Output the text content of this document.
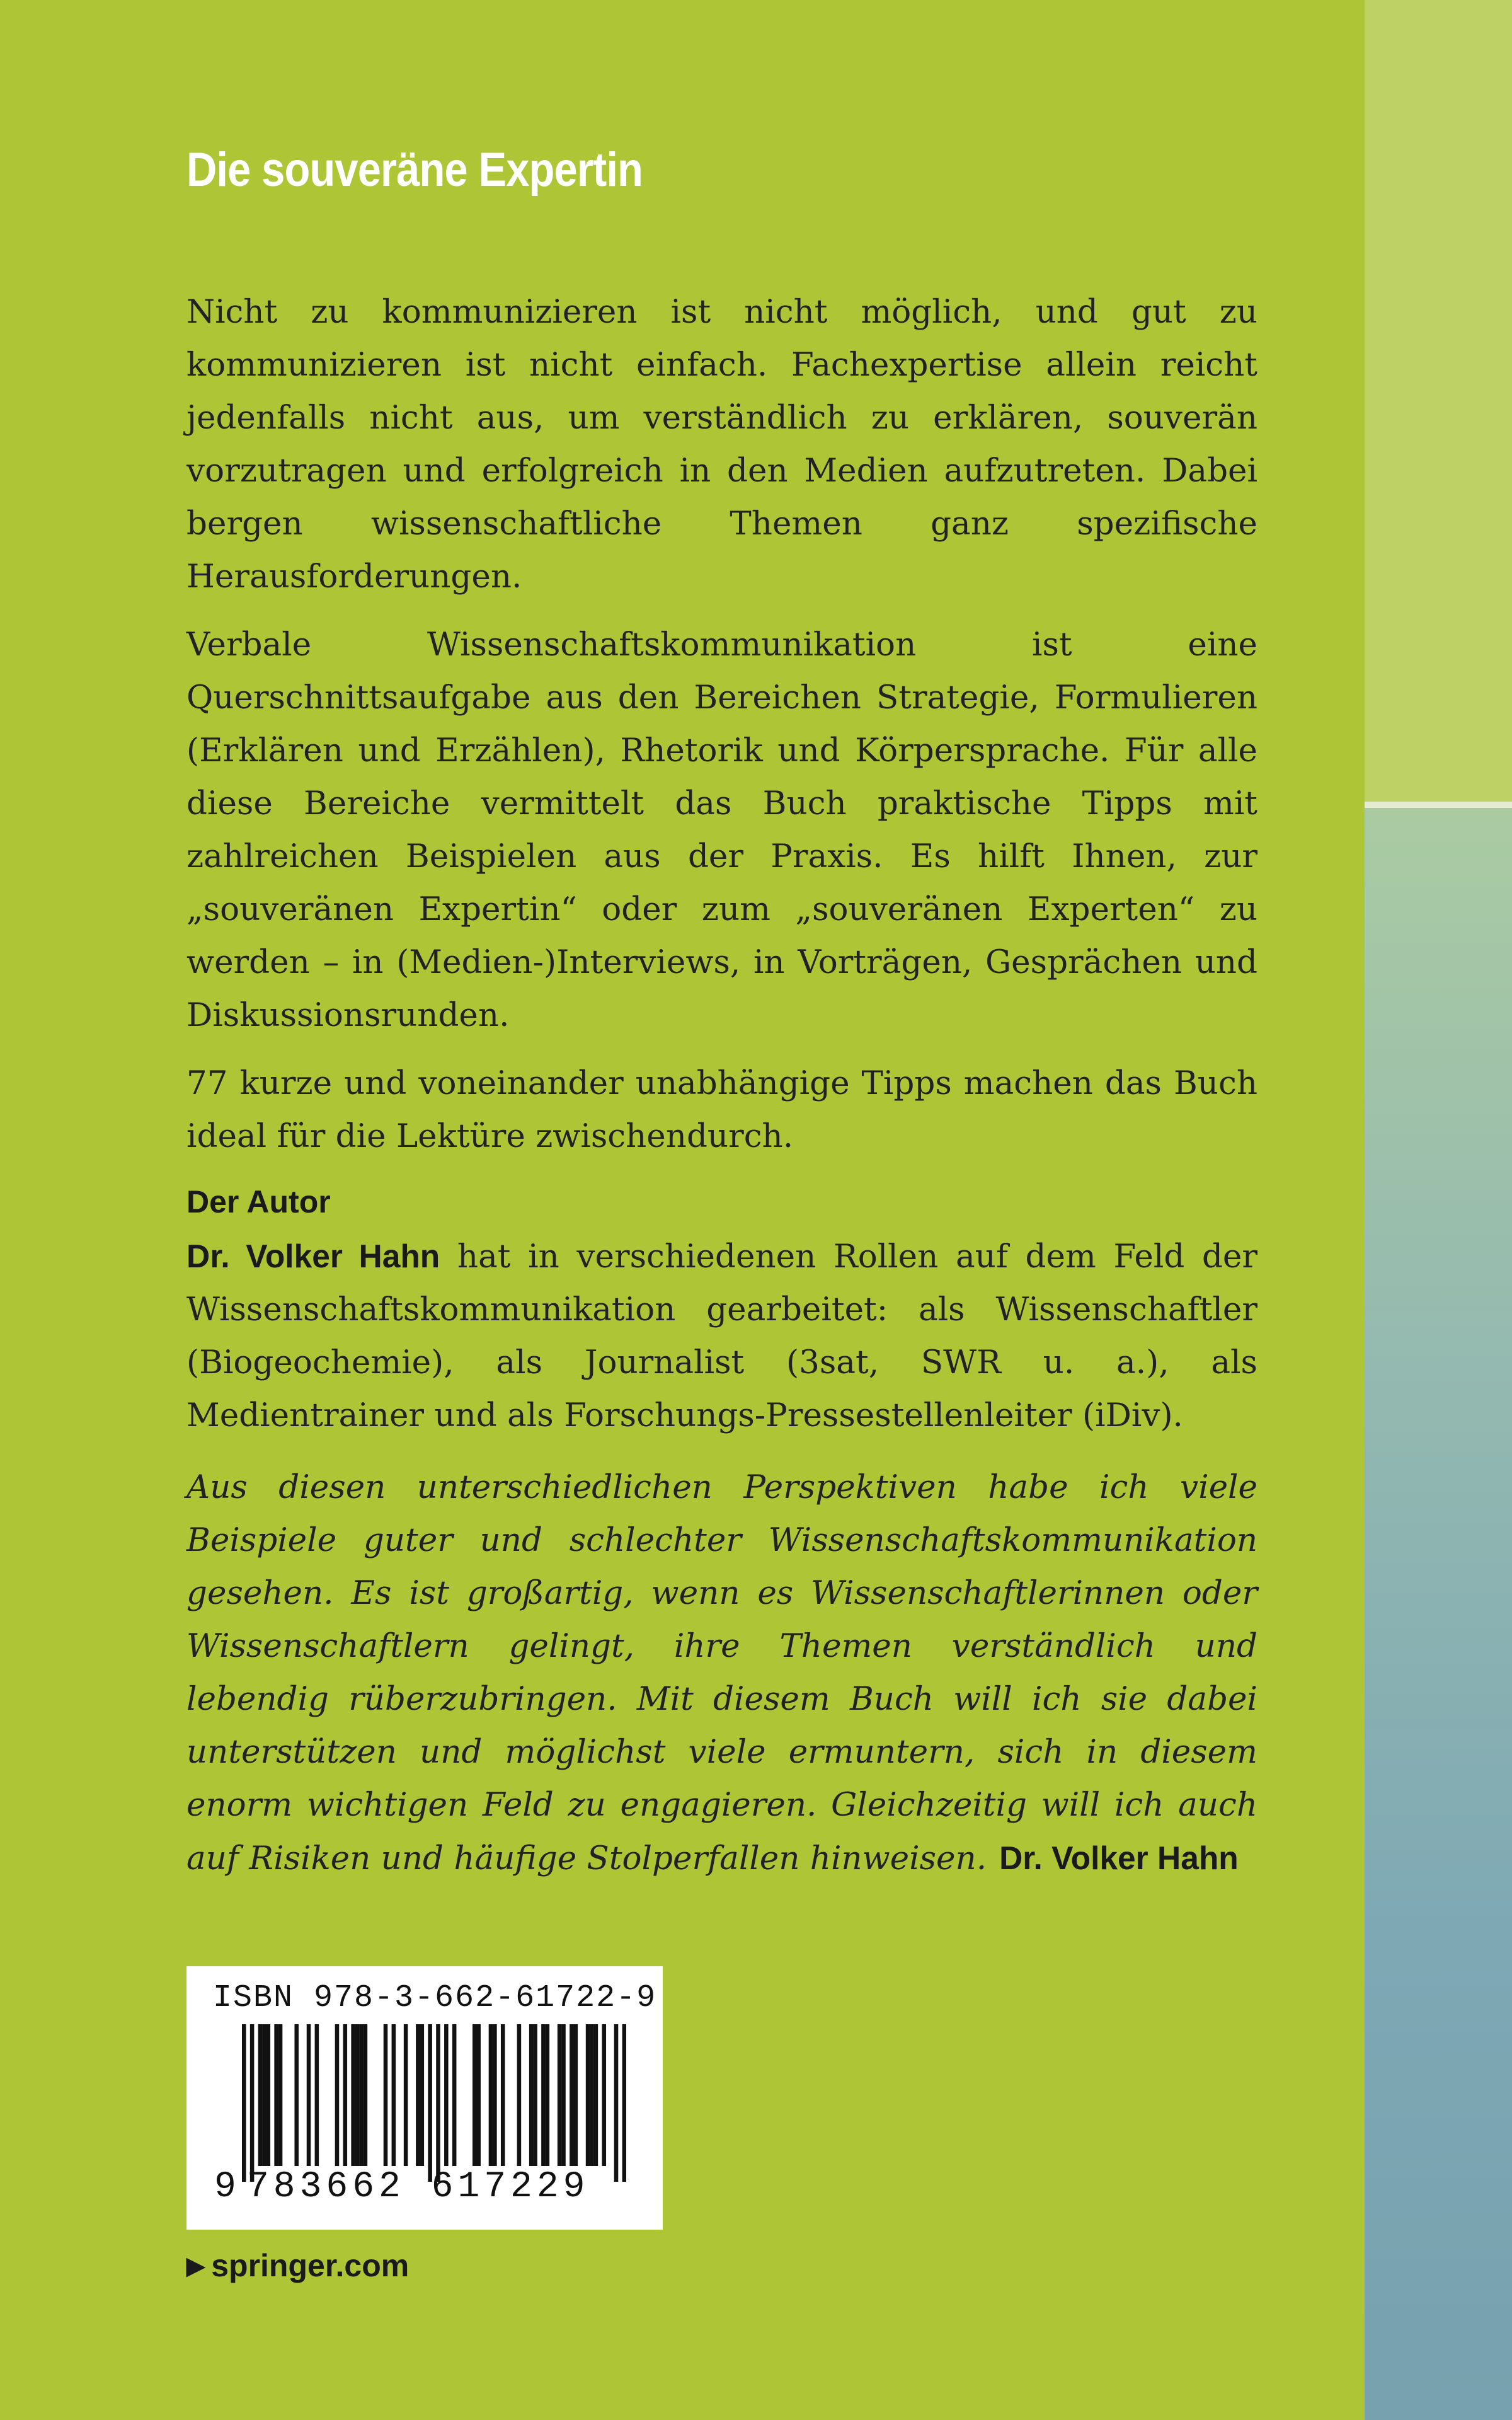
Die souveräne Expertin

Nicht zu kommunizieren ist nicht möglich, und gut zu kommunizieren ist nicht einfach. Fachexpertise allein reicht jedenfalls nicht aus, um verständlich zu erklären, souverän vorzutragen und erfolgreich in den Medien aufzutreten. Dabei bergen wissenschaftliche Themen ganz spezifische Herausforderungen.

Verbale Wissenschaftskommunikation ist eine Querschnittsaufgabe aus den Bereichen Strategie, Formulieren (Erklären und Erzählen), Rhetorik und Körpersprache. Für alle diese Bereiche vermittelt das Buch praktische Tipps mit zahlreichen Beispielen aus der Praxis. Es hilft Ihnen, zur „souveränen Expertin“ oder zum „souveränen Experten“ zu werden – in (Medien-)Interviews, in Vorträgen, Gesprächen und Diskussionsrunden.

77 kurze und voneinander unabhängige Tipps machen das Buch ideal für die Lektüre zwischendurch.

Der Autor

Dr. Volker Hahn hat in verschiedenen Rollen auf dem Feld der Wissenschaftskommunikation gearbeitet: als Wissenschaftler (Biogeochemie), als Journalist (3sat, SWR u. a.), als Medientrainer und als Forschungs-Pressestellenleiter (iDiv).

Aus diesen unterschiedlichen Perspektiven habe ich viele Beispiele guter und schlechter Wissenschaftskommunikation gesehen. Es ist großartig, wenn es Wissenschaftlerinnen oder Wissenschaftlern gelingt, ihre Themen verständlich und lebendig rüberzubringen. Mit diesem Buch will ich sie dabei unterstützen und möglichst viele ermuntern, sich in diesem enorm wichtigen Feld zu engagieren. Gleichzeitig will ich auch auf Risiken und häufige Stolperfallen hinweisen. Dr. Volker Hahn

ISBN 978-3-662-61722-9
9 783662 617229
▶ springer.com
